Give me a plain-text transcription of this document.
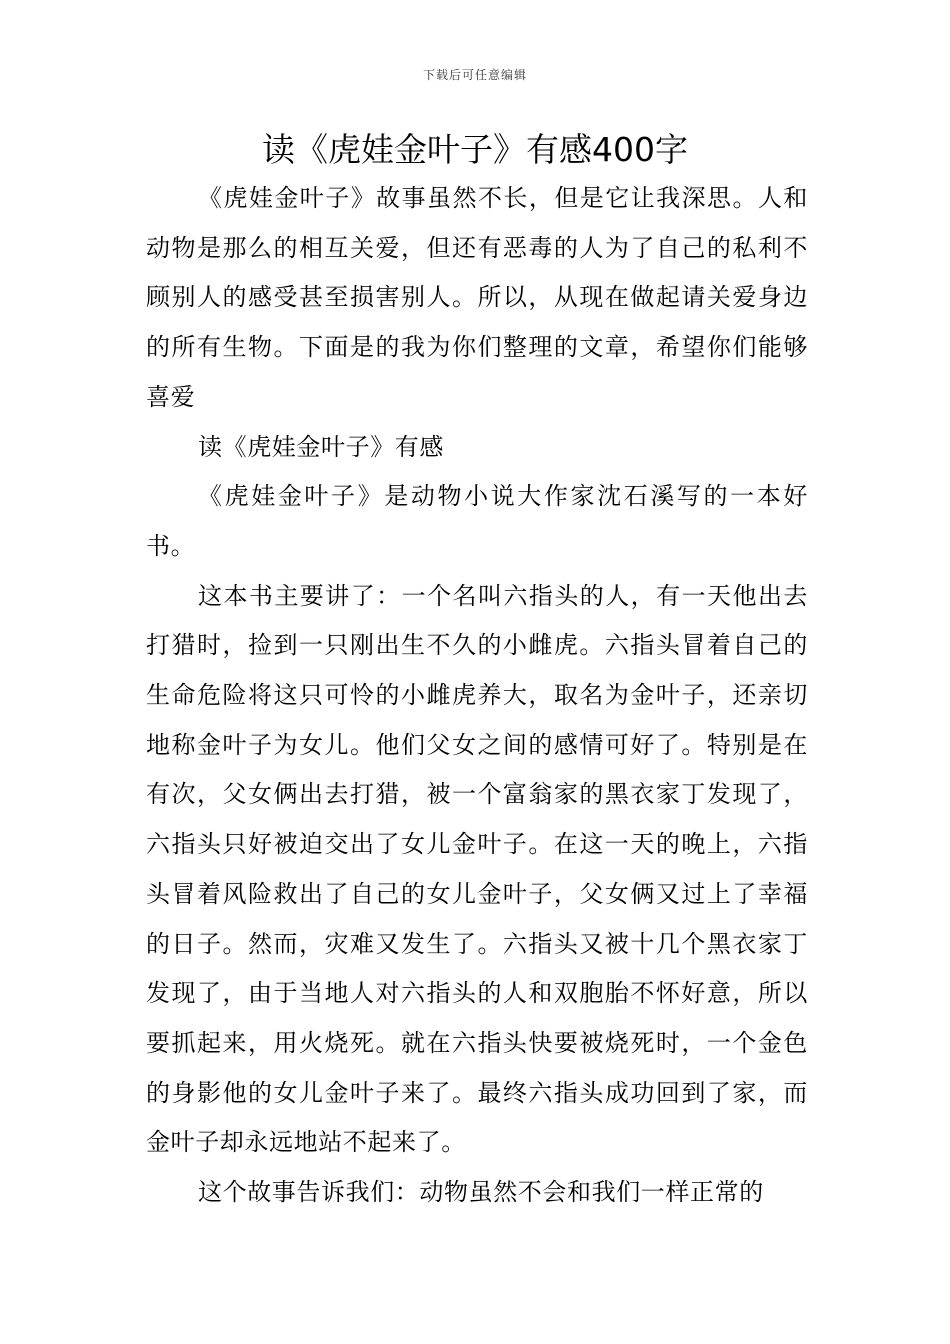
下载后可任意编辑
读《虎娃金叶子》有感400字

《虎娃金叶子》故事虽然不长，但是它让我深思。人和动物是那么的相互关爱，但还有恶毒的人为了自己的私利不顾别人的感受甚至损害别人。所以，从现在做起请关爱身边的所有生物。下面是的我为你们整理的文章，希望你们能够喜爱

读《虎娃金叶子》有感

《虎娃金叶子》是动物小说大作家沈石溪写的一本好书。

这本书主要讲了：一个名叫六指头的人，有一天他出去打猎时，捡到一只刚出生不久的小雌虎。六指头冒着自己的生命危险将这只可怜的小雌虎养大，取名为金叶子，还亲切地称金叶子为女儿。他们父女之间的感情可好了。特别是在有次，父女俩出去打猎，被一个富翁家的黑衣家丁发现了，六指头只好被迫交出了女儿金叶子。在这一天的晚上，六指头冒着风险救出了自己的女儿金叶子，父女俩又过上了幸福的日子。然而，灾难又发生了。六指头又被十几个黑衣家丁发现了，由于当地人对六指头的人和双胞胎不怀好意，所以要抓起来，用火烧死。就在六指头快要被烧死时，一个金色的身影他的女儿金叶子来了。最终六指头成功回到了家，而金叶子却永远地站不起来了。

这个故事告诉我们：动物虽然不会和我们一样正常的
